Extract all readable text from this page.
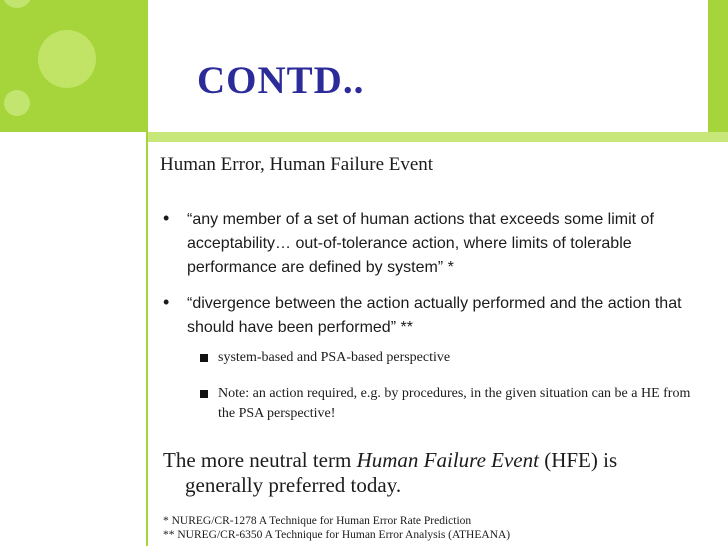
CONTD..
Human Error, Human Failure Event
• “any member of a set of human actions that exceeds some limit of acceptability… out-of-tolerance action, where limits of tolerable performance are defined by system” *
• “divergence between the action actually performed and the action that should have been performed” **
system-based and PSA-based perspective
Note: an action required, e.g. by procedures, in the given situation can be a HE from the PSA perspective!
The more neutral term Human Failure Event (HFE) is
generally preferred today.
* NUREG/CR-1278 A Technique for Human Error Rate Prediction
** NUREG/CR-6350 A Technique for Human Error Analysis (ATHEANA)
